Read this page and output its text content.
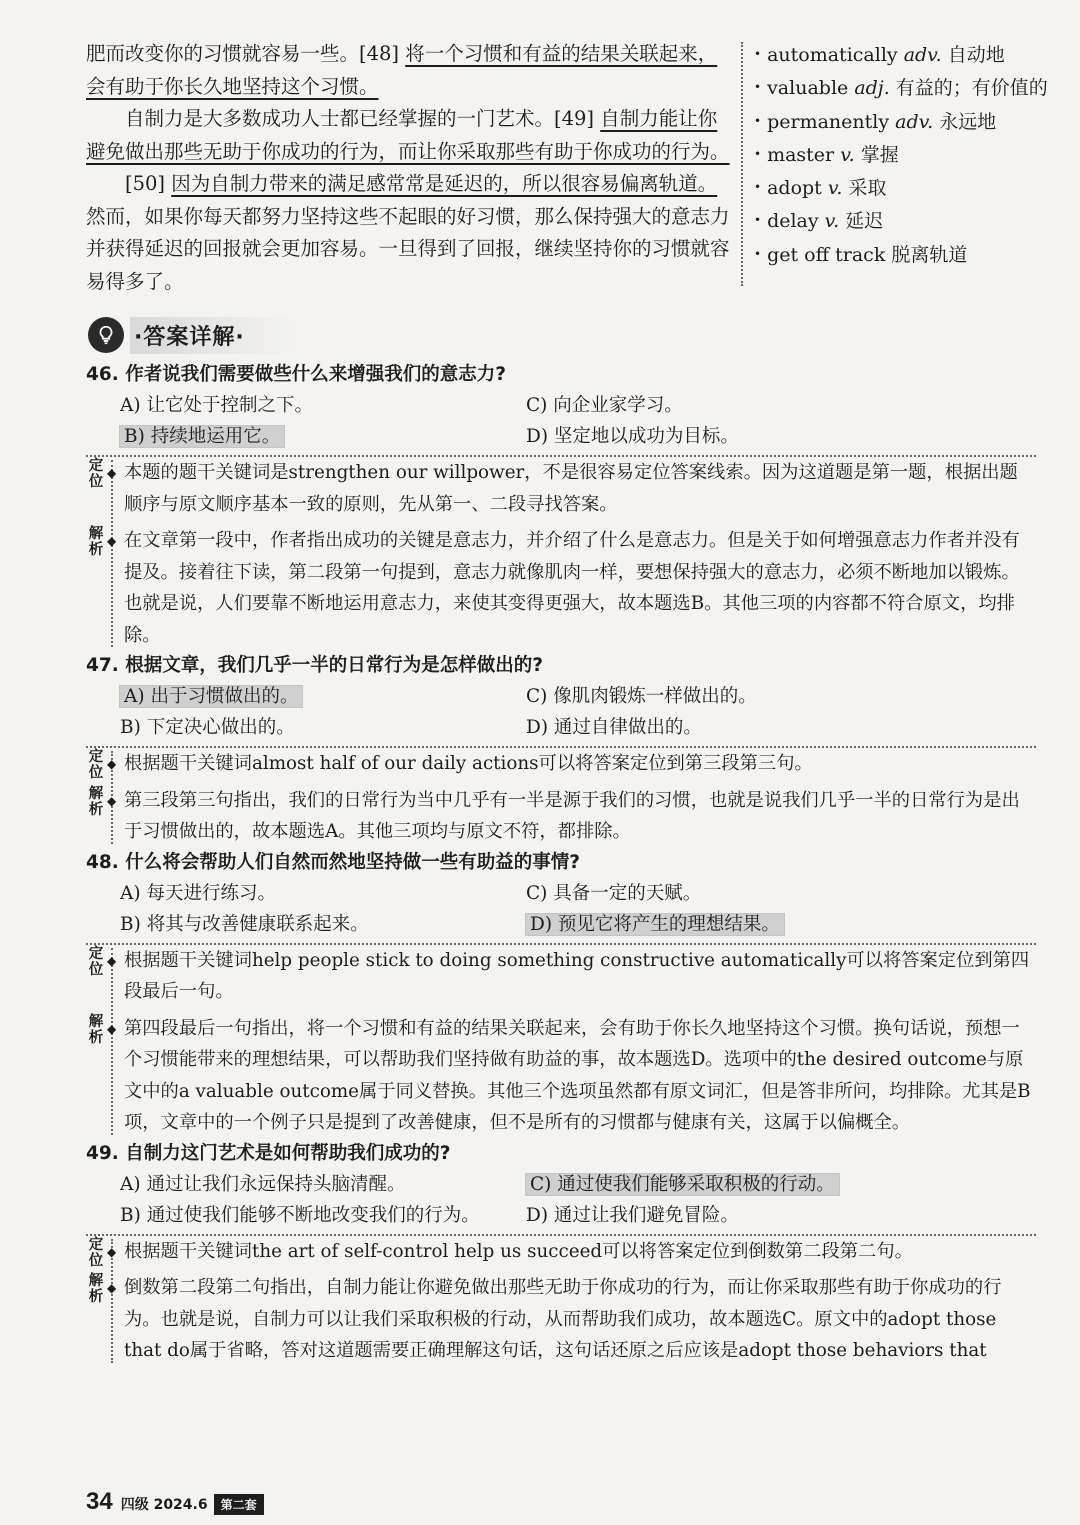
肥而改变你的习惯就容易一些。[48] 将一个习惯和有益的结果关联起来，会有助于你长久地坚持这个习惯。

自制力是大多数成功人士都已经掌握的一门艺术。[49] 自制力能让你避免做出那些无助于你成功的行为，而让你采取那些有助于你成功的行为。

[50] 因为自制力带来的满足感常常是延迟的，所以很容易偏离轨道。然而，如果你每天都努力坚持这些不起眼的好习惯，那么保持强大的意志力并获得延迟的回报就会更加容易。一旦得到了回报，继续坚持你的习惯就容易得多了。

• automatically adv. 自动地
• valuable adj. 有益的；有价值的
• permanently adv. 永远地
• master v. 掌握
• adopt v. 采取
• delay v. 延迟
• get off track 脱离轨道
·答案详解·
46. 作者说我们需要做些什么来增强我们的意志力?
A) 让它处于控制之下。	C) 向企业家学习。
B) 持续地运用它。	D) 坚定地以成功为目标。
定位
◆ 本题的题干关键词是strengthen our willpower，不是很容易定位答案线索。因为这道题是第一题，根据出题顺序与原文顺序基本一致的原则，先从第一、二段寻找答案。
解析
◆ 在文章第一段中，作者指出成功的关键是意志力，并介绍了什么是意志力。但是关于如何增强意志力作者并没有提及。接着往下读，第二段第一句提到，意志力就像肌肉一样，要想保持强大的意志力，必须不断地加以锻炼。也就是说，人们要靠不断地运用意志力，来使其变得更强大，故本题选B。其他三项的内容都不符合原文，均排除。
47. 根据文章，我们几乎一半的日常行为是怎样做出的?
A) 出于习惯做出的。	C) 像肌肉锻炼一样做出的。
B) 下定决心做出的。	D) 通过自律做出的。
定位
◆ 根据题干关键词almost half of our daily actions可以将答案定位到第三段第三句。
解析
◆ 第三段第三句指出，我们的日常行为当中几乎有一半是源于我们的习惯，也就是说我们几乎一半的日常行为是出于习惯做出的，故本题选A。其他三项均与原文不符，都排除。
48. 什么将会帮助人们自然而然地坚持做一些有助益的事情?
A) 每天进行练习。	C) 具备一定的天赋。
B) 将其与改善健康联系起来。	D) 预见它将产生的理想结果。
定位
◆ 根据题干关键词help people stick to doing something constructive automatically可以将答案定位到第四段最后一句。
解析
◆ 第四段最后一句指出，将一个习惯和有益的结果关联起来，会有助于你长久地坚持这个习惯。换句话说，预想一个习惯能带来的理想结果，可以帮助我们坚持做有助益的事，故本题选D。选项中的the desired outcome与原文中的a valuable outcome属于同义替换。其他三个选项虽然都有原文词汇，但是答非所问，均排除。尤其是B项，文章中的一个例子只是提到了改善健康，但不是所有的习惯都与健康有关，这属于以偏概全。
49. 自制力这门艺术是如何帮助我们成功的?
A) 通过让我们永远保持头脑清醒。	C) 通过使我们能够采取积极的行动。
B) 通过使我们能够不断地改变我们的行为。	D) 通过让我们避免冒险。
定位
◆ 根据题干关键词the art of self-control help us succeed可以将答案定位到倒数第二段第二句。
解析
◆ 倒数第二段第二句指出，自制力能让你避免做出那些无助于你成功的行为，而让你采取那些有助于你成功的行为。也就是说，自制力可以让我们采取积极的行动，从而帮助我们成功，故本题选C。原文中的adopt those that do属于省略，答对这道题需要正确理解这句话，这句话还原之后应该是adopt those behaviors that
34 四级 2024.6	第二套
